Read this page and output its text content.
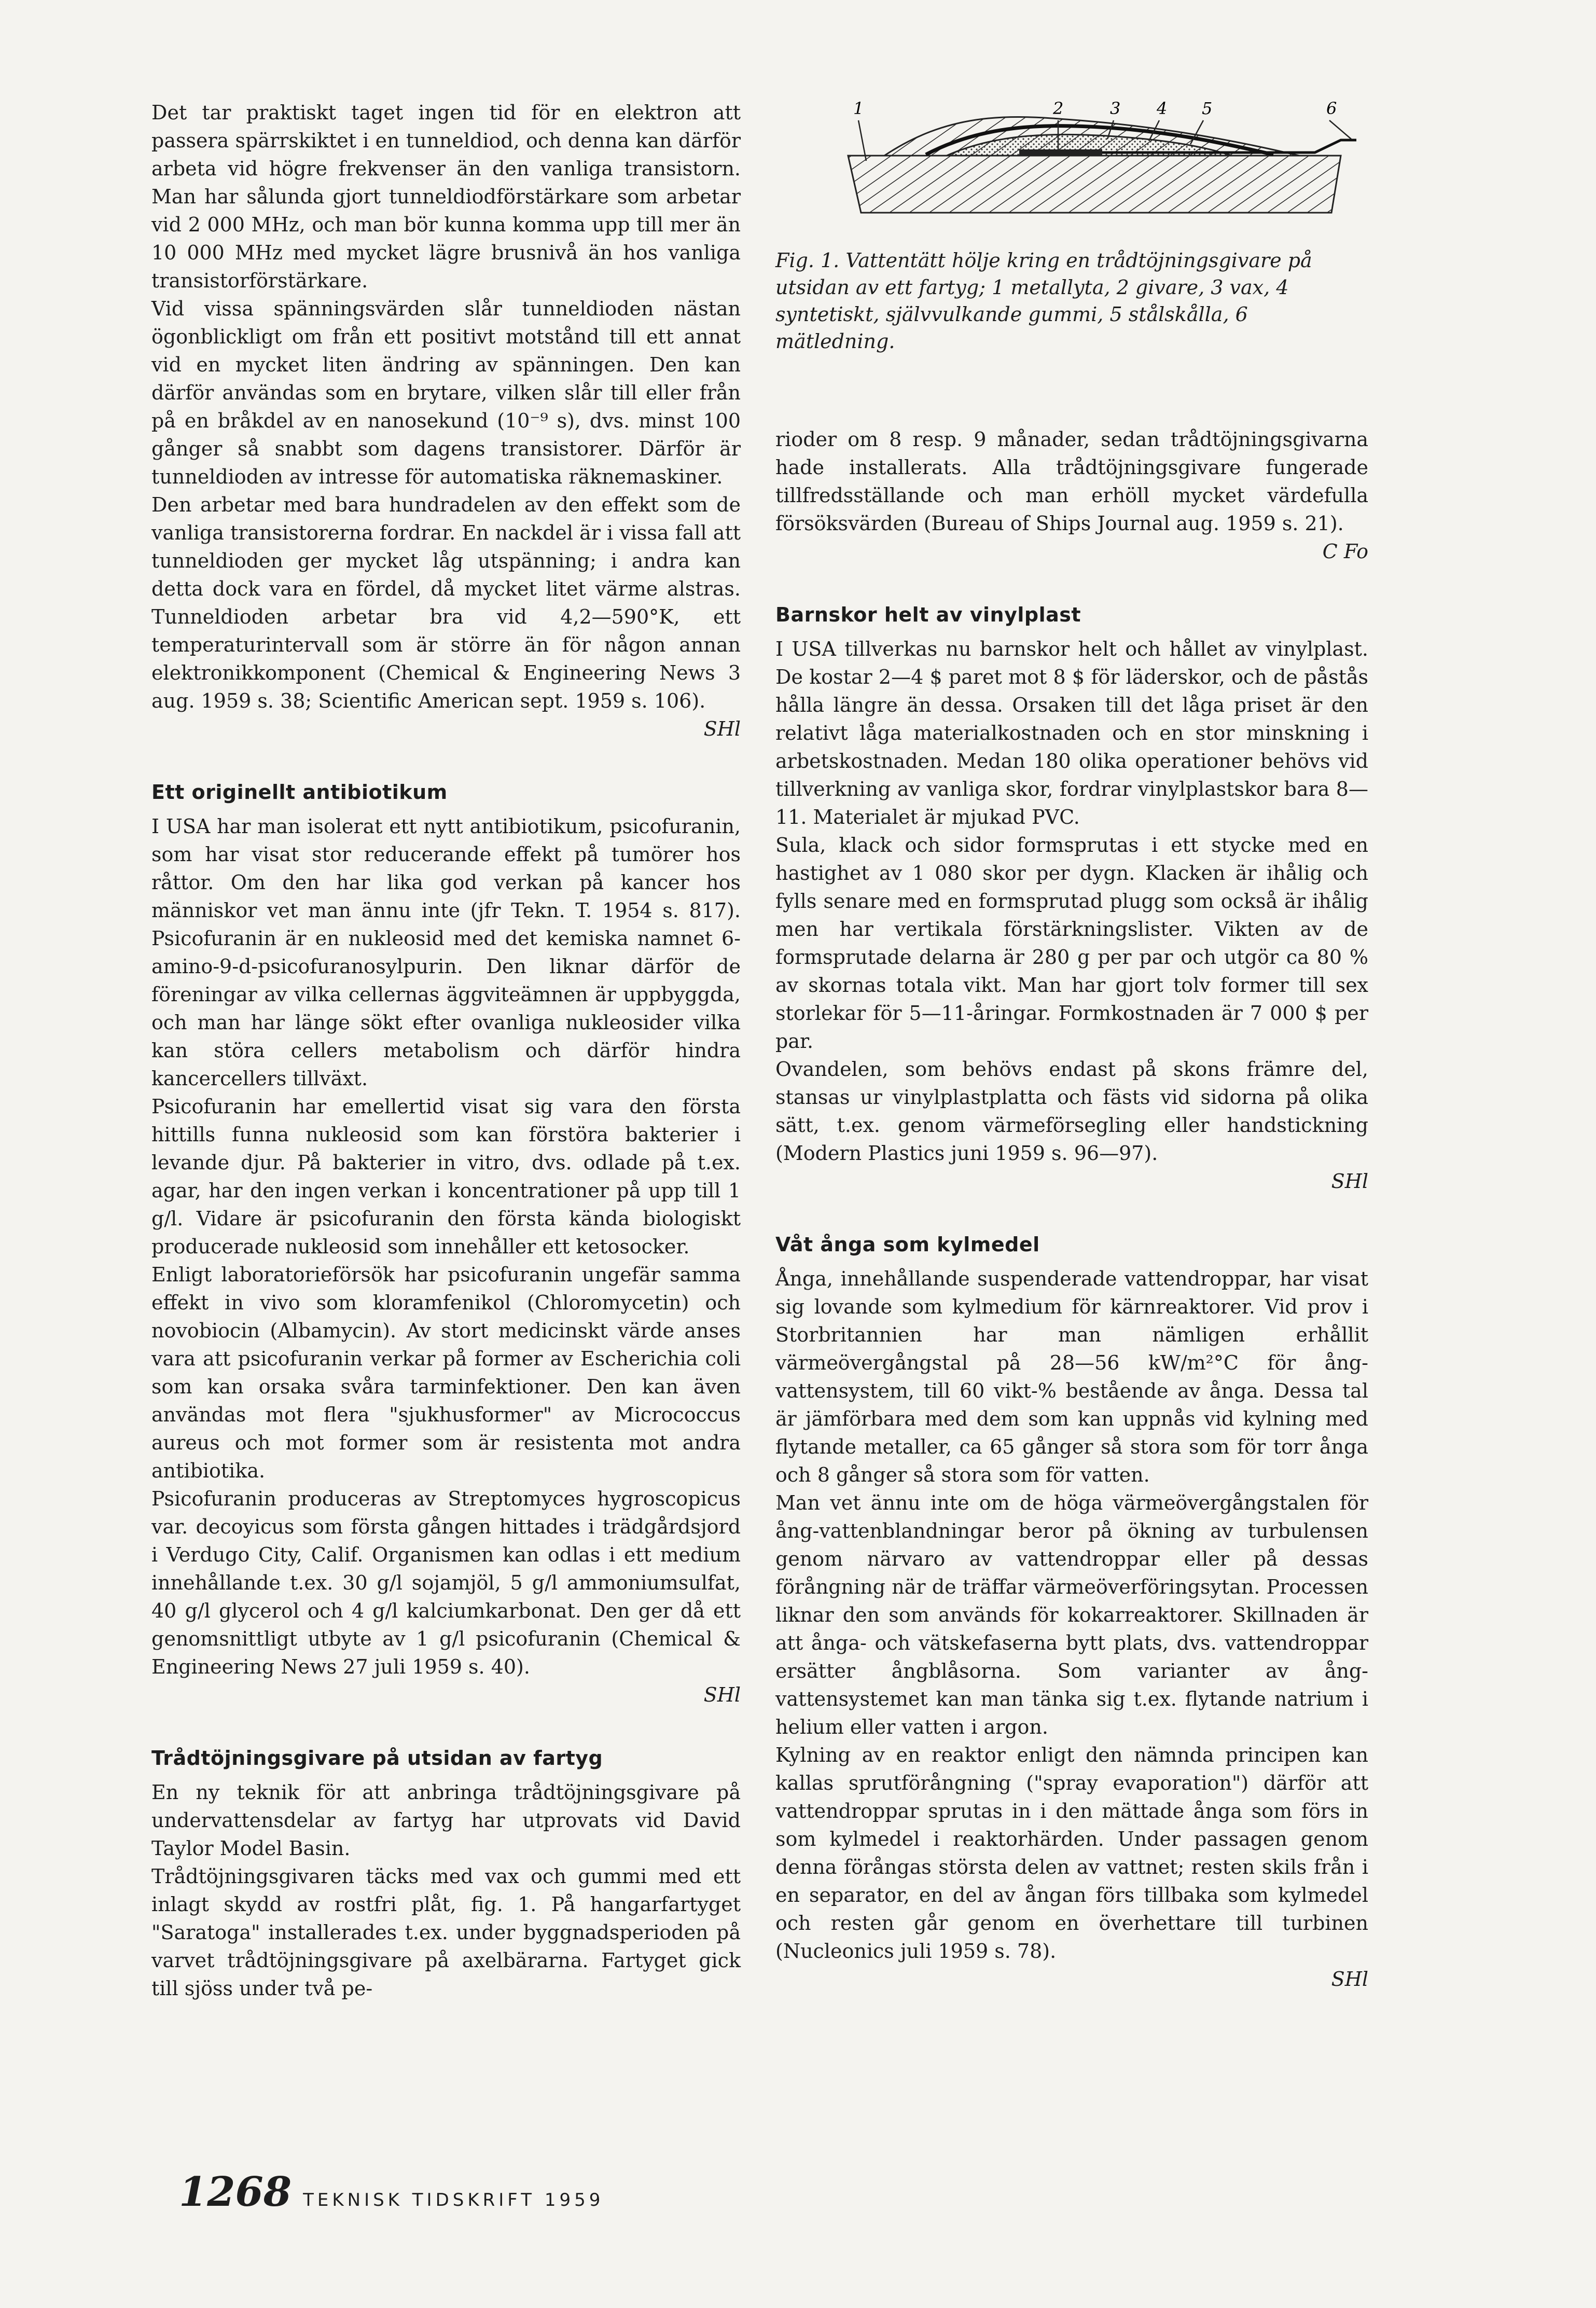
Det tar praktiskt taget ingen tid för en elektron att passera spärrskiktet i en tunneldiod, och denna kan därför arbeta vid högre frekvenser än den vanliga transistorn. Man har sålunda gjort tunneldiodförstärkare som arbetar vid 2 000 MHz, och man bör kunna komma upp till mer än 10 000 MHz med mycket lägre brusnivå än hos vanliga transistorförstärkare.

Vid vissa spänningsvärden slår tunneldioden nästan ögonblickligt om från ett positivt motstånd till ett annat vid en mycket liten ändring av spänningen. Den kan därför användas som en brytare, vilken slår till eller från på en bråkdel av en nanosekund (10⁻⁹ s), dvs. minst 100 gånger så snabbt som dagens transistorer. Därför är tunneldioden av intresse för automatiska räknemaskiner.

Den arbetar med bara hundradelen av den effekt som de vanliga transistorerna fordrar. En nackdel är i vissa fall att tunneldioden ger mycket låg utspänning; i andra kan detta dock vara en fördel, då mycket litet värme alstras. Tunneldioden arbetar bra vid 4,2—590°K, ett temperaturintervall som är större än för någon annan elektronikkomponent (Chemical & Engineering News 3 aug. 1959 s. 38; Scientific American sept. 1959 s. 106).

SHl

Ett originellt antibiotikum

I USA har man isolerat ett nytt antibiotikum, psicofuranin, som har visat stor reducerande effekt på tumörer hos råttor. Om den har lika god verkan på kancer hos människor vet man ännu inte (jfr Tekn. T. 1954 s. 817). Psicofuranin är en nukleosid med det kemiska namnet 6-amino-9-d-psicofuranosylpurin. Den liknar därför de föreningar av vilka cellernas äggviteämnen är uppbyggda, och man har länge sökt efter ovanliga nukleosider vilka kan störa cellers metabolism och därför hindra kancercellers tillväxt.

Psicofuranin har emellertid visat sig vara den första hittills funna nukleosid som kan förstöra bakterier i levande djur. På bakterier in vitro, dvs. odlade på t.ex. agar, har den ingen verkan i koncentrationer på upp till 1 g/l. Vidare är psicofuranin den första kända biologiskt producerade nukleosid som innehåller ett ketosocker.

Enligt laboratorieförsök har psicofuranin ungefär samma effekt in vivo som kloramfenikol (Chloromycetin) och novobiocin (Albamycin). Av stort medicinskt värde anses vara att psicofuranin verkar på former av Escherichia coli som kan orsaka svåra tarminfektioner. Den kan även användas mot flera "sjukhusformer" av Micrococcus aureus och mot former som är resistenta mot andra antibiotika.

Psicofuranin produceras av Streptomyces hygroscopicus var. decoyicus som första gången hittades i trädgårdsjord i Verdugo City, Calif. Organismen kan odlas i ett medium innehållande t.ex. 30 g/l sojamjöl, 5 g/l ammoniumsulfat, 40 g/l glycerol och 4 g/l kalciumkarbonat. Den ger då ett genomsnittligt utbyte av 1 g/l psicofuranin (Chemical & Engineering News 27 juli 1959 s. 40).

SHl

Trådtöjningsgivare på utsidan av fartyg

En ny teknik för att anbringa trådtöjningsgivare på undervattensdelar av fartyg har utprovats vid David Taylor Model Basin.

Trådtöjningsgivaren täcks med vax och gummi med ett inlagt skydd av rostfri plåt, fig. 1. På hangarfartyget "Saratoga" installerades t.ex. under byggnadsperioden på varvet trådtöjningsgivare på axelbärarna. Fartyget gick till sjöss under två pe-

1	2	3 4 5	6
Fig. 1. Vattentätt hölje kring en trådtöjningsgivare på utsidan av ett fartyg; 1 metallyta, 2 givare, 3 vax, 4 syntetiskt, självvulkande gummi, 5 stålskålla, 6 mätledning.

rioder om 8 resp. 9 månader, sedan trådtöjningsgivarna hade installerats. Alla trådtöjningsgivare fungerade tillfredsställande och man erhöll mycket värdefulla försöksvärden (Bureau of Ships Journal aug. 1959 s. 21).

C Fo

Barnskor helt av vinylplast

I USA tillverkas nu barnskor helt och hållet av vinylplast. De kostar 2—4 $ paret mot 8 $ för läderskor, och de påstås hålla längre än dessa. Orsaken till det låga priset är den relativt låga materialkostnaden och en stor minskning i arbetskostnaden. Medan 180 olika operationer behövs vid tillverkning av vanliga skor, fordrar vinylplastskor bara 8—11. Materialet är mjukad PVC.

Sula, klack och sidor formsprutas i ett stycke med en hastighet av 1 080 skor per dygn. Klacken är ihålig och fylls senare med en formsprutad plugg som också är ihålig men har vertikala förstärkningslister. Vikten av de formsprutade delarna är 280 g per par och utgör ca 80 % av skornas totala vikt. Man har gjort tolv former till sex storlekar för 5—11-åringar. Formkostnaden är 7 000 $ per par.

Ovandelen, som behövs endast på skons främre del, stansas ur vinylplastplatta och fästs vid sidorna på olika sätt, t.ex. genom värmeförsegling eller handstickning (Modern Plastics juni 1959 s. 96—97).

SHl

Våt ånga som kylmedel

Ånga, innehållande suspenderade vattendroppar, har visat sig lovande som kylmedium för kärnreaktorer. Vid prov i Storbritannien har man nämligen erhållit värmeövergångstal på 28—56 kW/m²°C för ång-vattensystem, till 60 vikt-% bestående av ånga. Dessa tal är jämförbara med dem som kan uppnås vid kylning med flytande metaller, ca 65 gånger så stora som för torr ånga och 8 gånger så stora som för vatten.

Man vet ännu inte om de höga värmeövergångstalen för ång-vattenblandningar beror på ökning av turbulensen genom närvaro av vattendroppar eller på dessas förångning när de träffar värmeöverföringsytan. Processen liknar den som används för kokarreaktorer. Skillnaden är att ånga- och vätskefaserna bytt plats, dvs. vattendroppar ersätter ångblåsorna. Som varianter av ång-vattensystemet kan man tänka sig t.ex. flytande natrium i helium eller vatten i argon.

Kylning av en reaktor enligt den nämnda principen kan kallas sprutförångning ("spray evaporation") därför att vattendroppar sprutas in i den mättade ånga som förs in som kylmedel i reaktorhärden. Under passagen genom denna förångas största delen av vattnet; resten skils från i en separator, en del av ångan förs tillbaka som kylmedel och resten går genom en överhettare till turbinen (Nucleonics juli 1959 s. 78).

SHl

1268 TEKNISK TIDSKRIFT 1959
